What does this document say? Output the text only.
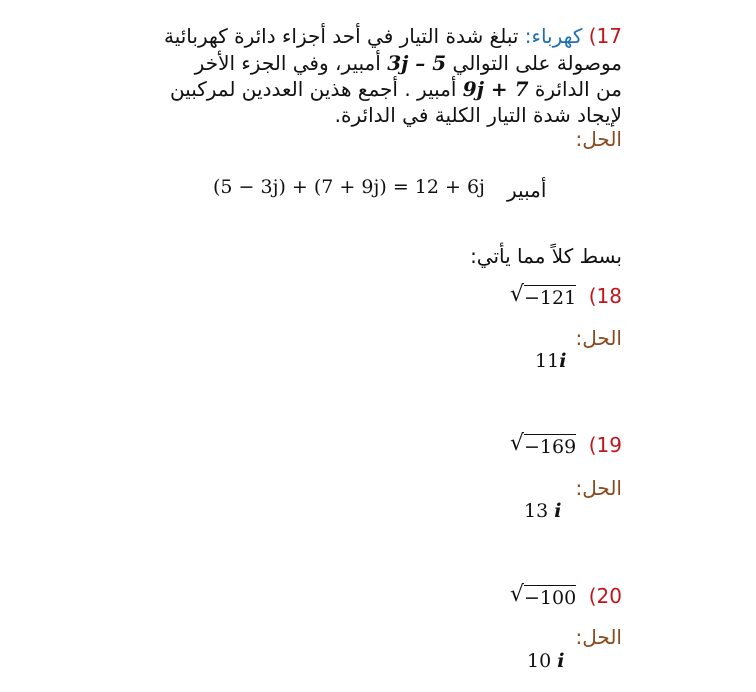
17) كهرباء: تبلغ شدة التيار في أحد أجزاء دائرة كهربائية
موصولة على التوالي 3j – 5 أمبير، وفي الجزء الأخر
من الدائرة 9j + 7 أمبير . أجمع هذين العددين لمركبين
لإيجاد شدة التيار الكلية في الدائرة.
الحل:
(5 − 3j) + (7 + 9j) = 12 + 6j أمبير
بسط كلاً مما يأتي:
√ −121 (18
الحل:
11i
√ −169 (19
الحل:
13 i
√ −100 (20
الحل:
10 i
